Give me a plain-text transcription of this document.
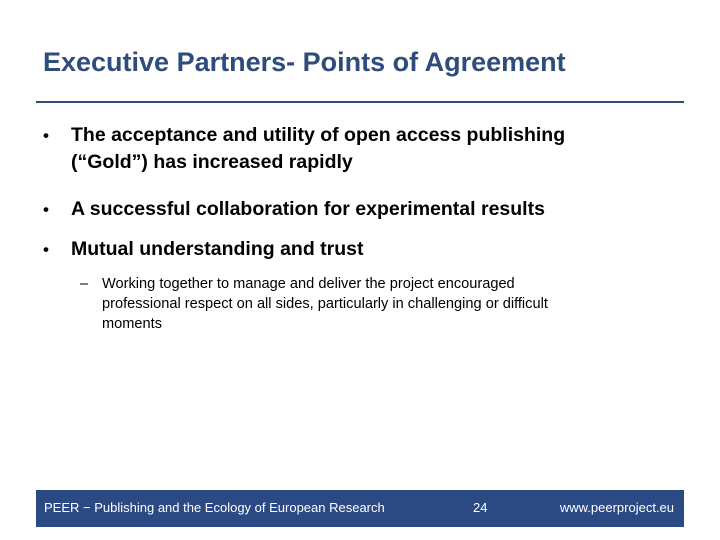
Executive Partners- Points of Agreement
• The acceptance and utility of open access publishing
(“Gold”) has increased rapidly
• A successful collaboration for experimental results
• Mutual understanding and trust
– Working together to manage and deliver the project encouraged
professional respect on all sides, particularly in challenging or difficult
moments
PEER − Publishing and the Ecology of European Research	24	www.peerproject.eu
